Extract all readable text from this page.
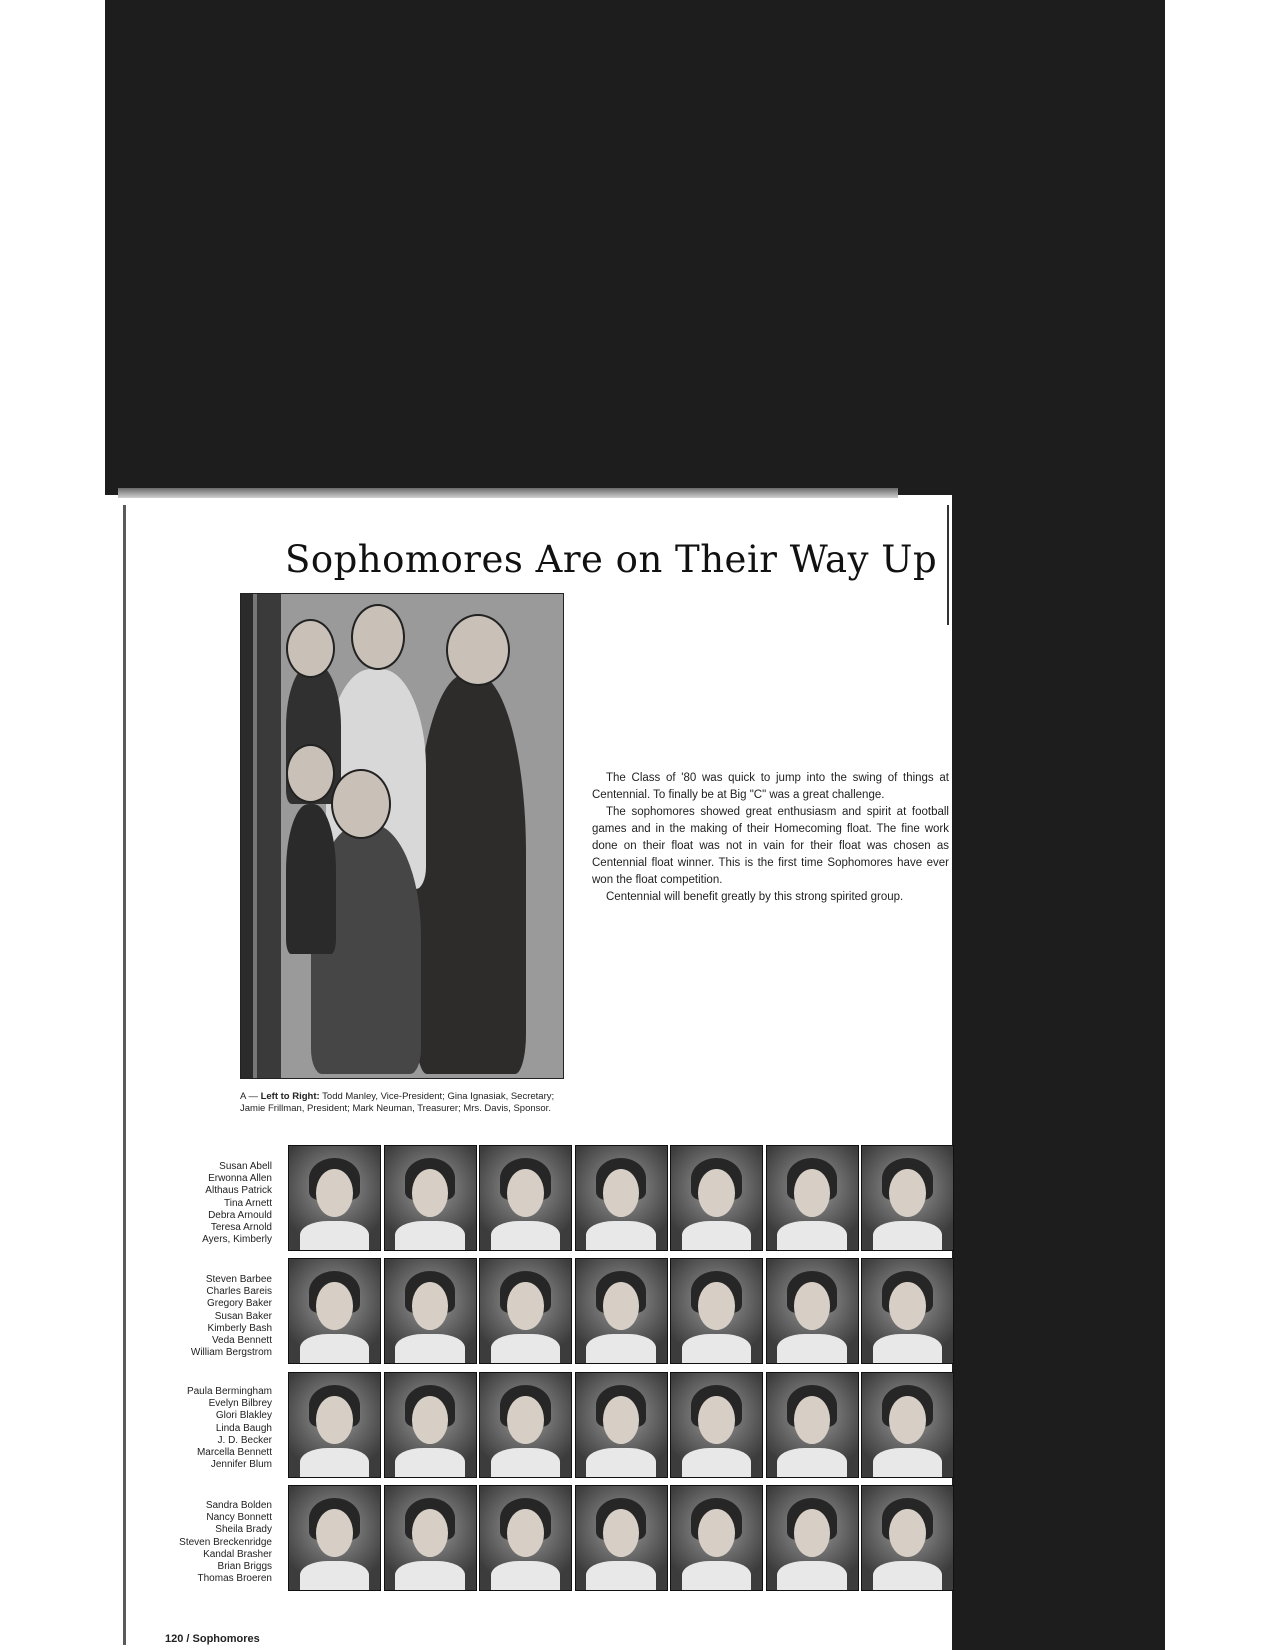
Sophomores Are on Their Way Up

The Class of '80 was quick to jump into the swing of things at Centennial. To finally be at Big "C" was a great challenge.

The sophomores showed great enthusiasm and spirit at football games and in the making of their Homecoming float. The fine work done on their float was not in vain for their float was chosen as Centennial float winner. This is the first time Sophomores have ever won the float competition.

Centennial will benefit greatly by this strong spirited group.

A — Left to Right: Todd Manley, Vice-President; Gina Ignasiak, Secretary; Jamie Frillman, President; Mark Neuman, Treasurer; Mrs. Davis, Sponsor.
Susan Abell
Erwonna Allen
Althaus Patrick
Tina Arnett
Debra Arnould
Teresa Arnold
Ayers, Kimberly
Steven Barbee
Charles Bareis
Gregory Baker
Susan Baker
Kimberly Bash
Veda Bennett
William Bergstrom
Paula Bermingham
Evelyn Bilbrey
Glori Blakley
Linda Baugh
J. D. Becker
Marcella Bennett
Jennifer Blum
Sandra Bolden
Nancy Bonnett
Sheila Brady
Steven Breckenridge
Kandal Brasher
Brian Briggs
Thomas Broeren
120 / Sophomores
